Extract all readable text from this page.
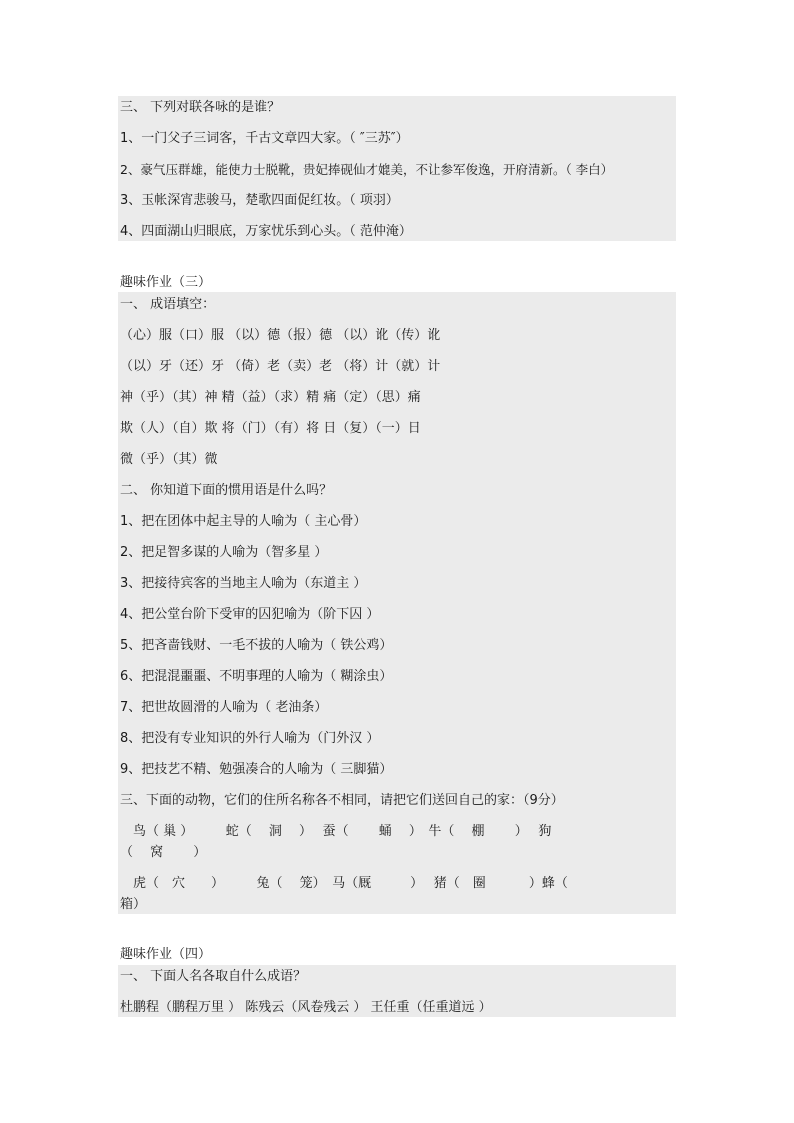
三、 下列对联各咏的是谁？
1、一门父子三词客，千古文章四大家。（ ″三苏″）
2、豪气压群雄，能使力士脱靴，贵妃捧砚仙才媲美，不让参军俊逸，开府清新。（ 李白）
3、玉帐深宵悲骏马，楚歌四面促红妆。（ 项羽）
4、四面湖山归眼底，万家忧乐到心头。（ 范仲淹）
趣味作业（三）
一、 成语填空：
（心）服（口）服 （以）德（报）德 （以）讹（传）讹
（以）牙（还）牙 （倚）老（卖）老 （将）计（就）计
神（乎）（其）神 精（益）（求）精 痛（定）（思）痛
欺（人）（自）欺 将（门）（有）将 日（复）（一）日
微（乎）（其）微
二、 你知道下面的惯用语是什么吗？
1、把在团体中起主导的人喻为（ 主心骨）
2、把足智多谋的人喻为（智多星 ）
3、把接待宾客的当地主人喻为（东道主 ）
4、把公堂台阶下受审的囚犯喻为（阶下囚 ）
5、把吝啬钱财、一毛不拔的人喻为（ 铁公鸡）
6、把混混噩噩、不明事理的人喻为（ 糊涂虫）
7、把世故圆滑的人喻为（ 老油条）
8、把没有专业知识的外行人喻为（门外汉 ）
9、把技艺不精、勉强凑合的人喻为（ 三脚猫）
三、下面的动物，它们的住所名称各不相同，请把它们送回自己的家：（9分）
　鸟（ 巢 ）　　　蛇（　 洞　 ）　 蚕（　　 蛹　 ）　牛（　 棚　　 ）　 狗
（　 窝　　 ）
　虎（　穴　　）　　　兔（　 笼）　马（厩　　　）　 猪（　圈　　　 ）蜂（
箱）
趣味作业（四）
一、 下面人名各取自什么成语？
杜鹏程（鹏程万里 ） 陈残云（风卷残云 ） 王任重（任重道远 ）
